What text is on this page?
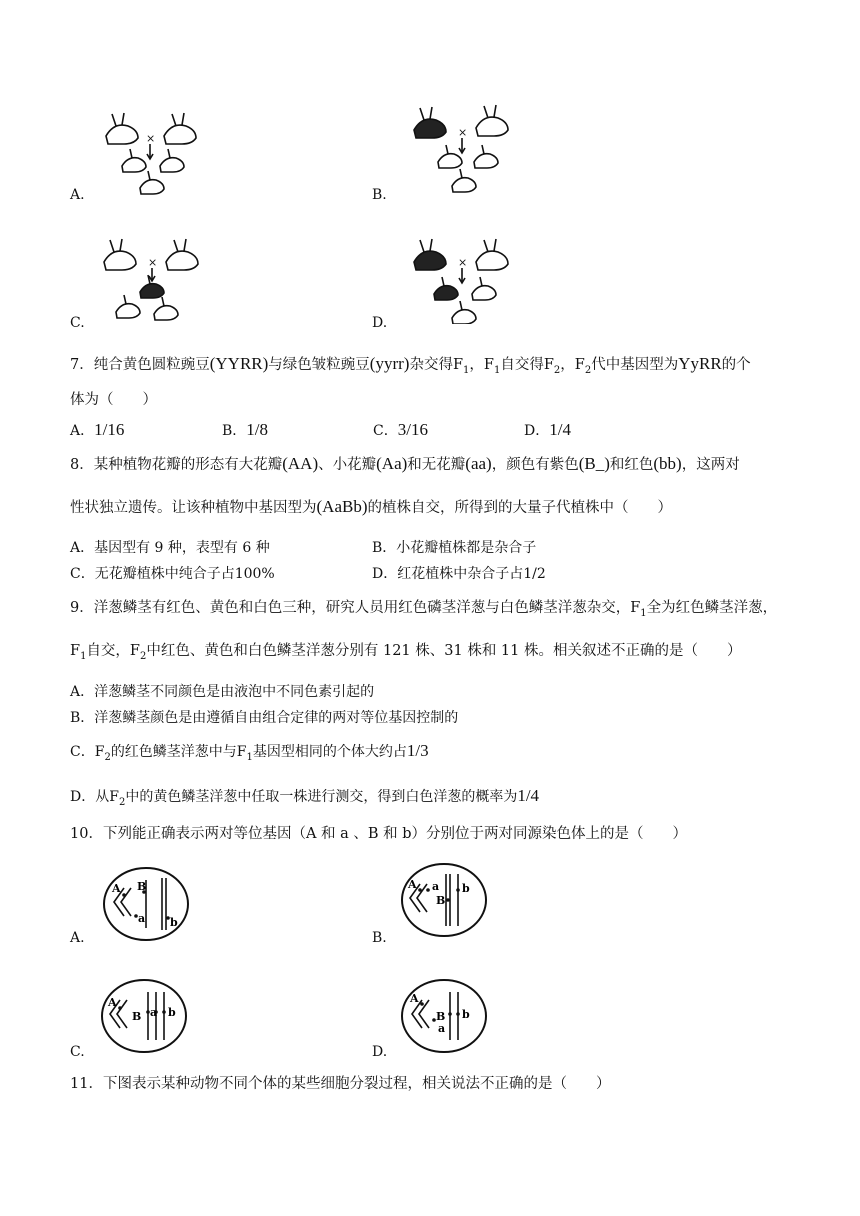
×
A.
×
B.
×
C.
×
D.
7．纯合黄色圆粒豌豆(YYRR)与绿色皱粒豌豆(yyrr)杂交得$F_1$，$F_1$自交得$F_2$，$F_2$代中基因型为YyRR的个
体为（　　）
A．1/16	B．1/8	C．3/16	D．1/4
8．某种植物花瓣的形态有大花瓣(AA)、小花瓣(Aa)和无花瓣(aa)，颜色有紫色(B_)和红色(bb)，这两对
性状独立遗传。让该种植物中基因型为(AaBb)的植株自交，所得到的大量子代植株中（　　）
A．基因型有 9 种，表型有 6 种	B．小花瓣植株都是杂合子
C．无花瓣植株中纯合子占100%	D．红花植株中杂合子占1/2
9．洋葱鳞茎有红色、黄色和白色三种，研究人员用红色磷茎洋葱与白色鳞茎洋葱杂交，$F_1$全为红色鳞茎洋葱，
$F_1$自交，$F_2$中红色、黄色和白色鳞茎洋葱分别有 121 株、31 株和 11 株。相关叙述不正确的是（　　）
A．洋葱鳞茎不同颜色是由液泡中不同色素引起的
B．洋葱鳞茎颜色是由遵循自由组合定律的两对等位基因控制的
C．$F_2$的红色鳞茎洋葱中与$F_1$基因型相同的个体大约占1/3
D．从$F_2$中的黄色鳞茎洋葱中任取一株进行测交，得到白色洋葱的概率为1/4
10．下列能正确表示两对等位基因（A 和 a 、B 和 b）分别位于两对同源染色体上的是（　　）
A B
a b
A.
A a
B
b
B.
A
B a b
C.
A
B
a
b
D.
11．下图表示某种动物不同个体的某些细胞分裂过程，相关说法不正确的是（　　）
